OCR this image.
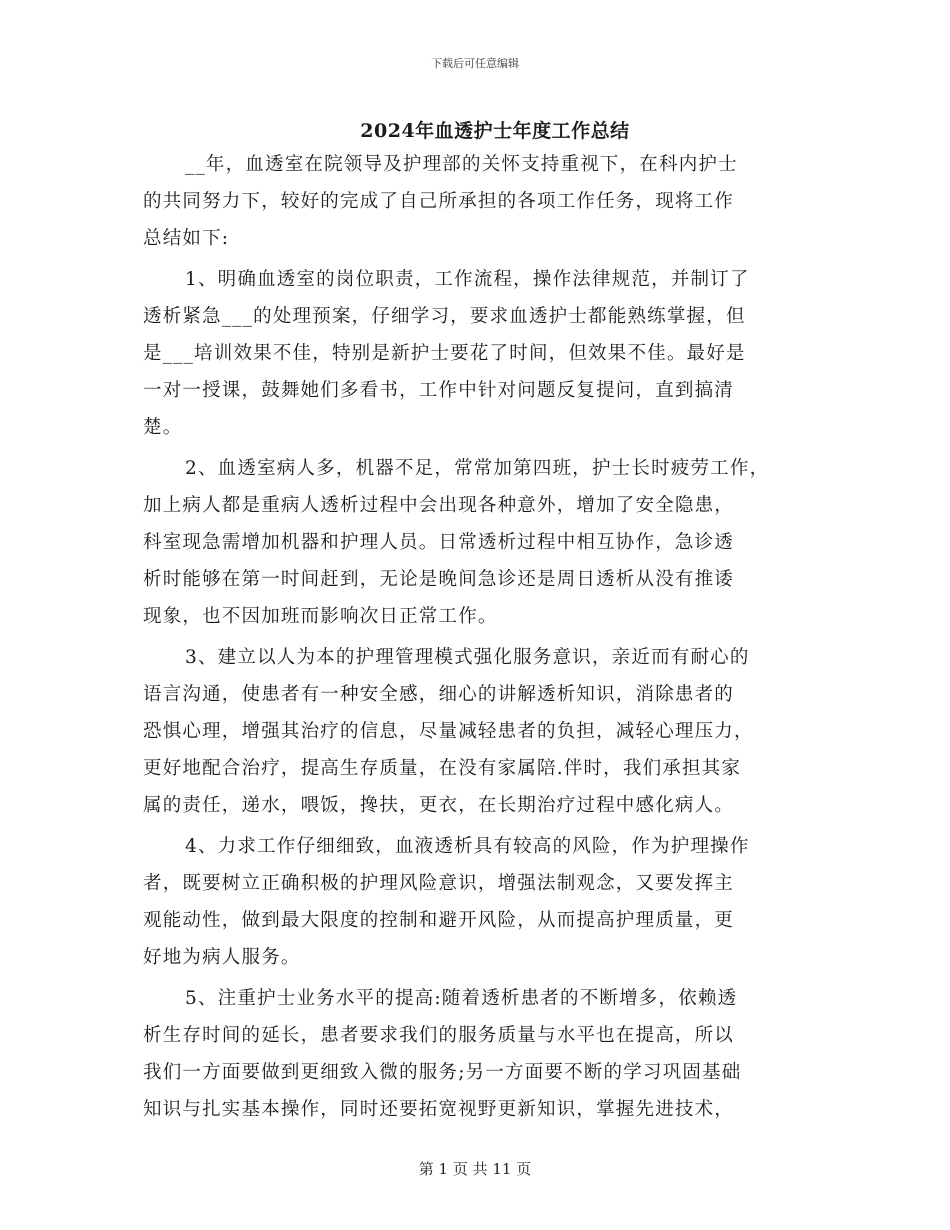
下载后可任意编辑
2024年血透护士年度工作总结
__年，血透室在院领导及护理部的关怀支持重视下，在科内护士
的共同努力下，较好的完成了自己所承担的各项工作任务，现将工作
总结如下:
1、明确血透室的岗位职责，工作流程，操作法律规范，并制订了
透析紧急___的处理预案，仔细学习，要求血透护士都能熟练掌握，但
是___培训效果不佳，特别是新护士要花了时间，但效果不佳。最好是
一对一授课，鼓舞她们多看书，工作中针对问题反复提问，直到搞清
楚。
2、血透室病人多，机器不足，常常加第四班，护士长时疲劳工作，
加上病人都是重病人透析过程中会出现各种意外，增加了安全隐患，
科室现急需增加机器和护理人员。日常透析过程中相互协作，急诊透
析时能够在第一时间赶到，无论是晚间急诊还是周日透析从没有推诿
现象，也不因加班而影响次日正常工作。
3、建立以人为本的护理管理模式强化服务意识，亲近而有耐心的
语言沟通，使患者有一种安全感，细心的讲解透析知识，消除患者的
恐惧心理，增强其治疗的信息，尽量减轻患者的负担，减轻心理压力，
更好地配合治疗，提高生存质量，在没有家属陪.伴时，我们承担其家
属的责任，递水，喂饭，搀扶，更衣，在长期治疗过程中感化病人。
4、力求工作仔细细致，血液透析具有较高的风险，作为护理操作
者，既要树立正确积极的护理风险意识，增强法制观念，又要发挥主
观能动性，做到最大限度的控制和避开风险，从而提高护理质量，更
好地为病人服务。
5、注重护士业务水平的提高:随着透析患者的不断增多，依赖透
析生存时间的延长，患者要求我们的服务质量与水平也在提高，所以
我们一方面要做到更细致入微的服务;另一方面要不断的学习巩固基础
知识与扎实基本操作，同时还要拓宽视野更新知识，掌握先进技术，
第 1 页 共 11 页
